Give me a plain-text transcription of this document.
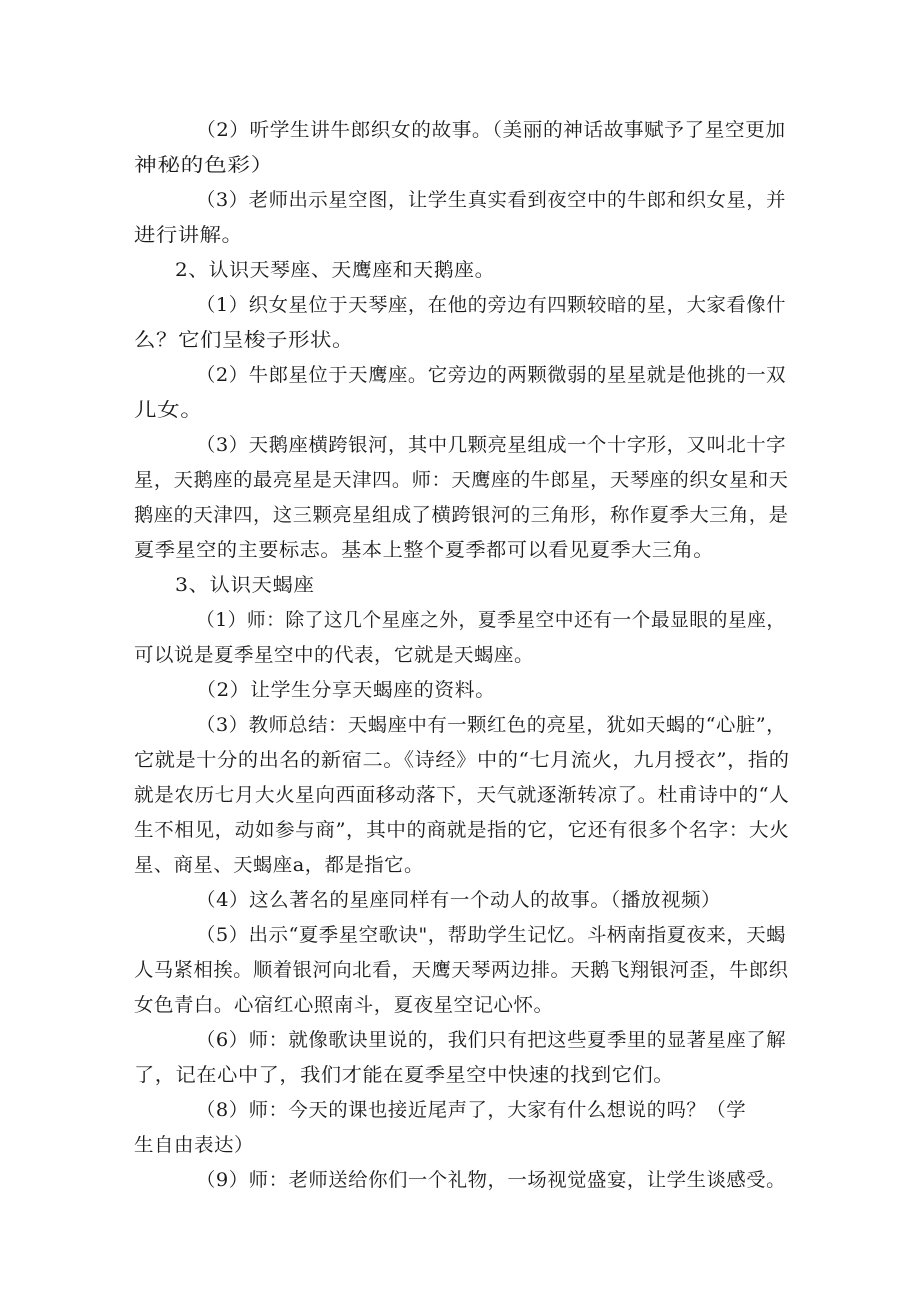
（2）听学生讲牛郎织女的故事。（美丽的神话故事赋予了星空更加
神秘的色彩）
（3）老师出示星空图，让学生真实看到夜空中的牛郎和织女星，并
进行讲解。
2、认识天琴座、天鹰座和天鹅座。
（1）织女星位于天琴座，在他的旁边有四颗较暗的星，大家看像什
么？它们呈梭子形状。
（2）牛郎星位于天鹰座。它旁边的两颗微弱的星星就是他挑的一双
儿女。
（3）天鹅座横跨银河，其中几颗亮星组成一个十字形，又叫北十字
星，天鹅座的最亮星是天津四。师：天鹰座的牛郎星，天琴座的织女星和天
鹅座的天津四，这三颗亮星组成了横跨银河的三角形，称作夏季大三角，是
夏季星空的主要标志。基本上整个夏季都可以看见夏季大三角。
3、认识天蝎座
（1）师：除了这几个星座之外，夏季星空中还有一个最显眼的星座，
可以说是夏季星空中的代表，它就是天蝎座。
（2）让学生分享天蝎座的资料。
（3）教师总结：天蝎座中有一颗红色的亮星，犹如天蝎的“心脏”，
它就是十分的出名的新宿二。《诗经》中的“七月流火，九月授衣”，指的
就是农历七月大火星向西面移动落下，天气就逐渐转凉了。杜甫诗中的“人
生不相见，动如参与商”，其中的商就是指的它，它还有很多个名字：大火
星、商星、天蝎座a，都是指它。
（4）这么著名的星座同样有一个动人的故事。（播放视频）
（5）出示“夏季星空歌诀"，帮助学生记忆。斗柄南指夏夜来，天蝎
人马紧相挨。顺着银河向北看，天鹰天琴两边排。天鹅飞翔银河歪，牛郎织
女色青白。心宿红心照南斗，夏夜星空记心怀。
（6）师：就像歌诀里说的，我们只有把这些夏季里的显著星座了解
了，记在心中了，我们才能在夏季星空中快速的找到它们。
（8）师：今天的课也接近尾声了，大家有什么想说的吗？（学
生自由表达）
（9）师：老师送给你们一个礼物，一场视觉盛宴，让学生谈感受。
